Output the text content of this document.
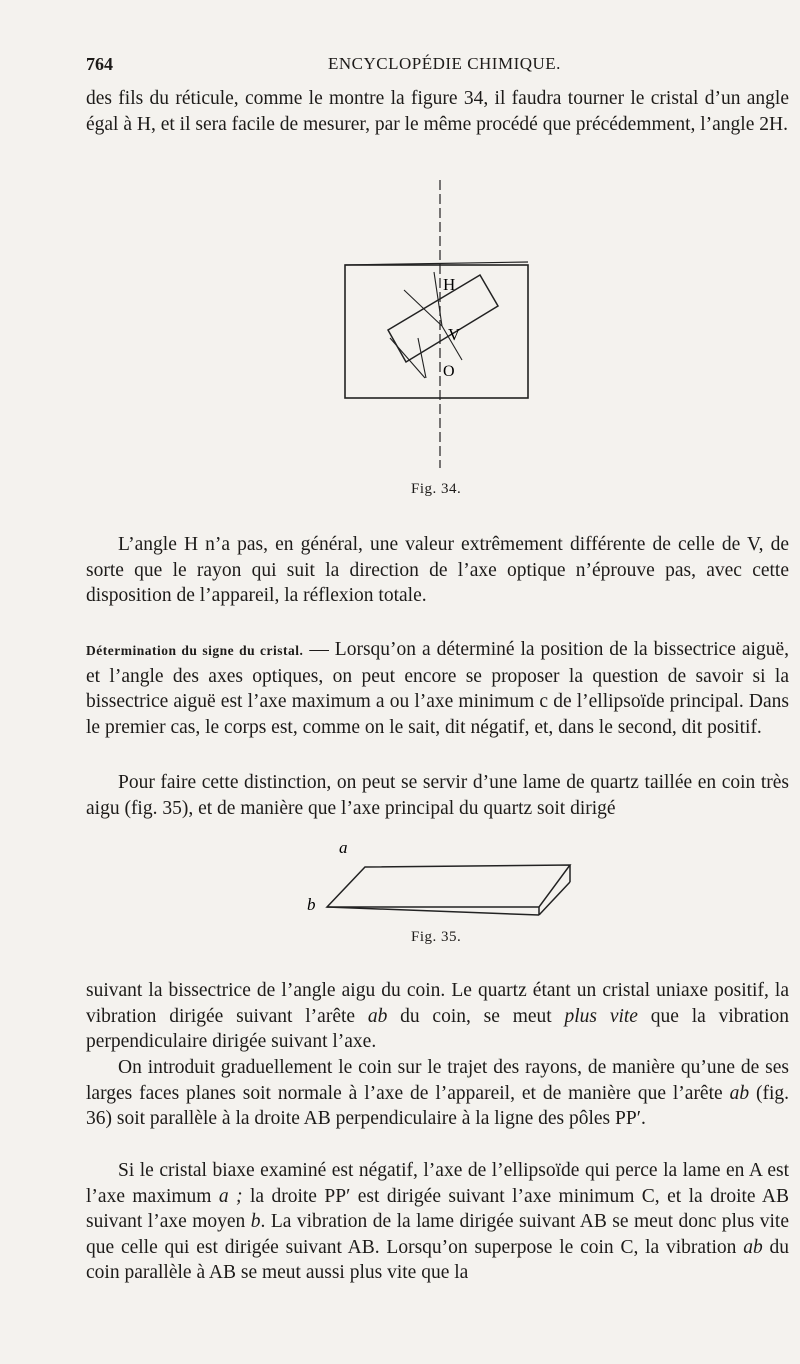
764	ENCYCLOPÉDIE CHIMIQUE.

des fils du réticule, comme le montre la figure 34, il faudra tourner le cristal d’un angle égal à H, et il sera facile de mesurer, par le même procédé que précédemment, l’angle 2H.

H
V
O
Fig. 34.

L’angle H n’a pas, en général, une valeur extrêmement différente de celle de V, de sorte que le rayon qui suit la direction de l’axe optique n’éprouve pas, avec cette disposition de l’appareil, la réflexion totale.

Détermination du signe du cristal. — Lorsqu’on a déterminé la position de la bissectrice aiguë, et l’angle des axes optiques, on peut encore se proposer la question de savoir si la bissectrice aiguë est l’axe maximum a ou l’axe minimum c de l’ellipsoïde principal. Dans le premier cas, le corps est, comme on le sait, dit négatif, et, dans le second, dit positif.

Pour faire cette distinction, on peut se servir d’une lame de quartz taillée en coin très aigu (fig. 35), et de manière que l’axe principal du quartz soit dirigé

a
b
Fig. 35.

suivant la bissectrice de l’angle aigu du coin. Le quartz étant un cristal uniaxe positif, la vibration dirigée suivant l’arête ab du coin, se meut plus vite que la vibration perpendiculaire dirigée suivant l’axe.

On introduit graduellement le coin sur le trajet des rayons, de manière qu’une de ses larges faces planes soit normale à l’axe de l’appareil, et de manière que l’arête ab (fig. 36) soit parallèle à la droite AB perpendiculaire à la ligne des pôles PP′.

Si le cristal biaxe examiné est négatif, l’axe de l’ellipsoïde qui perce la lame en A est l’axe maximum a ; la droite PP′ est dirigée suivant l’axe minimum C, et la droite AB suivant l’axe moyen b. La vibration de la lame dirigée suivant AB se meut donc plus vite que celle qui est dirigée suivant AB. Lorsqu’on superpose le coin C, la vibration ab du coin parallèle à AB se meut aussi plus vite que la
